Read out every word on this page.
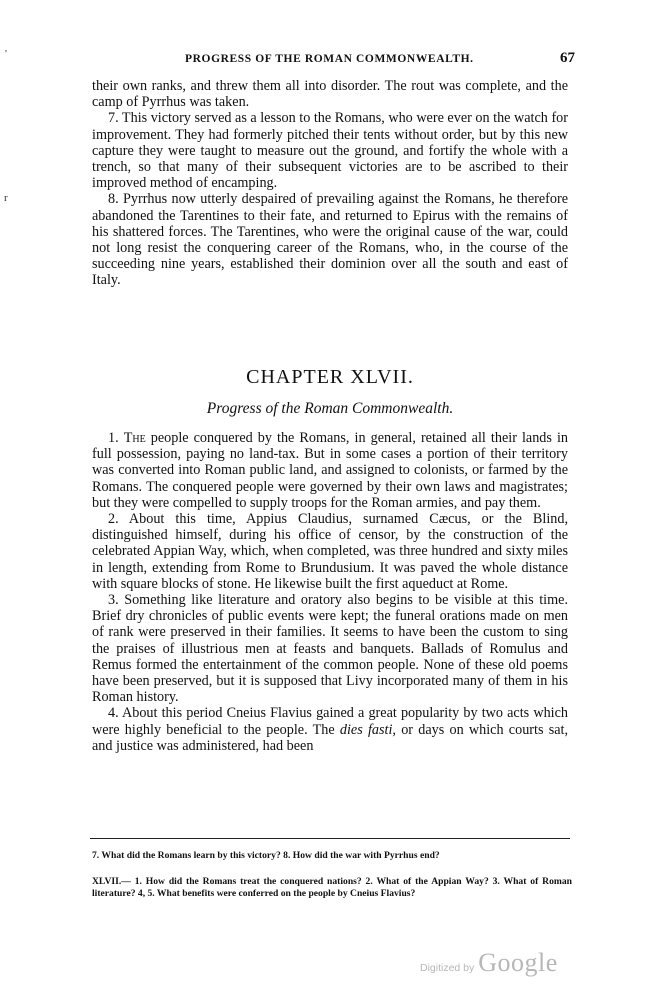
'
r
PROGRESS OF THE ROMAN COMMONWEALTH.	67

their own ranks, and threw them all into disorder. The rout was complete, and the camp of Pyrrhus was taken.

7. This victory served as a lesson to the Romans, who were ever on the watch for improvement. They had formerly pitched their tents without order, but by this new capture they were taught to measure out the ground, and fortify the whole with a trench, so that many of their subsequent victories are to be ascribed to their improved method of encamping.

8. Pyrrhus now utterly despaired of prevailing against the Romans, he therefore abandoned the Tarentines to their fate, and returned to Epirus with the remains of his shattered forces. The Tarentines, who were the original cause of the war, could not long resist the conquering career of the Romans, who, in the course of the succeeding nine years, established their dominion over all the south and east of Italy.

CHAPTER XLVII.
Progress of the Roman Commonwealth.

1. The people conquered by the Romans, in general, retained all their lands in full possession, paying no land-tax. But in some cases a portion of their territory was converted into Roman public land, and assigned to colonists, or farmed by the Romans. The conquered people were governed by their own laws and magistrates; but they were compelled to supply troops for the Roman armies, and pay them.

2. About this time, Appius Claudius, surnamed Cæcus, or the Blind, distinguished himself, during his office of censor, by the construction of the celebrated Appian Way, which, when completed, was three hundred and sixty miles in length, extending from Rome to Brundusium. It was paved the whole distance with square blocks of stone. He likewise built the first aqueduct at Rome.

3. Something like literature and oratory also begins to be visible at this time. Brief dry chronicles of public events were kept; the funeral orations made on men of rank were preserved in their families. It seems to have been the custom to sing the praises of illustrious men at feasts and banquets. Ballads of Romulus and Remus formed the entertainment of the common people. None of these old poems have been preserved, but it is supposed that Livy incorporated many of them in his Roman history.

4. About this period Cneius Flavius gained a great popularity by two acts which were highly beneficial to the people. The dies fasti, or days on which courts sat, and justice was administered, had been

7. What did the Romans learn by this victory? 8. How did the war with Pyrrhus end?

XLVII.— 1. How did the Romans treat the conquered nations? 2. What of the Appian Way? 3. What of Roman literature? 4, 5. What benefits were conferred on the people by Cneius Flavius?

Digitized by Google
